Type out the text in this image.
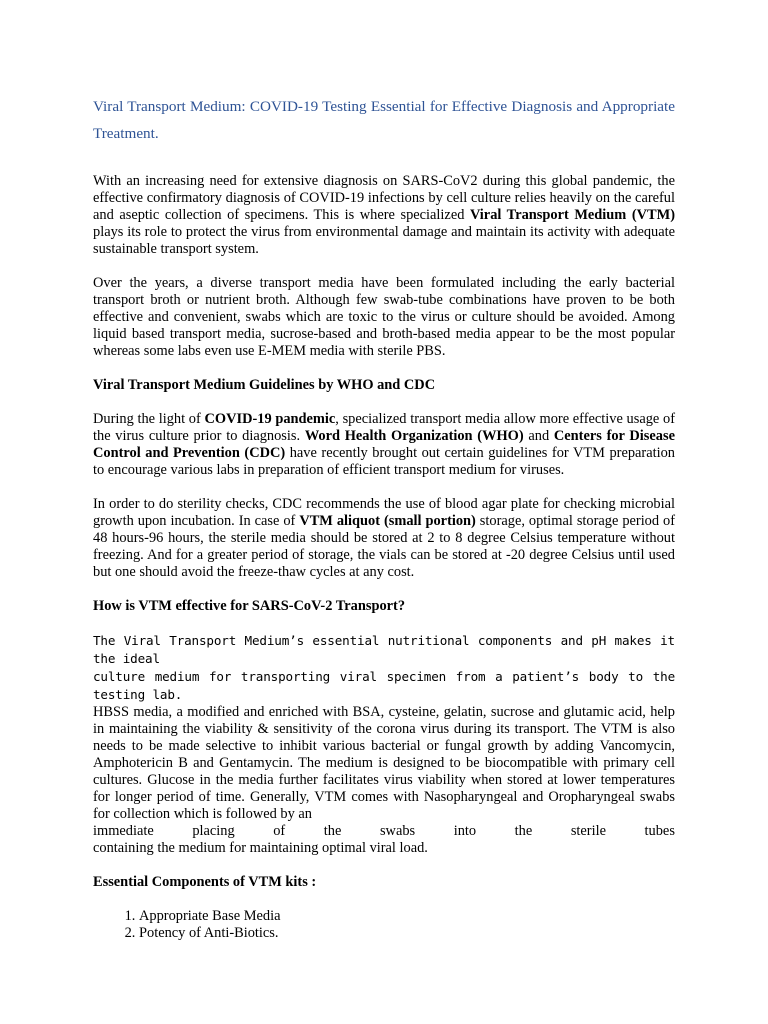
Viral Transport Medium: COVID-19 Testing Essential for Effective Diagnosis and Appropriate Treatment.

With an increasing need for extensive diagnosis on SARS-CoV2 during this global pandemic, the effective confirmatory diagnosis of COVID-19 infections by cell culture relies heavily on the careful and aseptic collection of specimens. This is where specialized Viral Transport Medium (VTM) plays its role to protect the virus from environmental damage and maintain its activity with adequate sustainable transport system.

Over the years, a diverse transport media have been formulated including the early bacterial transport broth or nutrient broth. Although few swab-tube combinations have proven to be both effective and convenient, swabs which are toxic to the virus or culture should be avoided. Among liquid based transport media, sucrose-based and broth-based media appear to be the most popular whereas some labs even use E-MEM media with sterile PBS.

Viral Transport Medium Guidelines by WHO and CDC

During the light of COVID-19 pandemic, specialized transport media allow more effective usage of the virus culture prior to diagnosis. Word Health Organization (WHO) and Centers for Disease Control and Prevention (CDC) have recently brought out certain guidelines for VTM preparation to encourage various labs in preparation of efficient transport medium for viruses.

In order to do sterility checks, CDC recommends the use of blood agar plate for checking microbial growth upon incubation. In case of VTM aliquot (small portion) storage, optimal storage period of 48 hours-96 hours, the sterile media should be stored at 2 to 8 degree Celsius temperature without freezing. And for a greater period of storage, the vials can be stored at -20 degree Celsius until used but one should avoid the freeze-thaw cycles at any cost.

How is VTM effective for SARS-CoV-2 Transport?

The Viral Transport Medium’s essential nutritional components and pH makes it the ideal
culture medium for transporting viral specimen from a patient’s body to the testing lab.
HBSS media, a modified and enriched with BSA, cysteine, gelatin, sucrose and glutamic acid, help in maintaining the viability & sensitivity of the corona virus during its transport. The VTM is also needs to be made selective to inhibit various bacterial or fungal growth by adding Vancomycin, Amphotericin B and Gentamycin. The medium is designed to be biocompatible with primary cell cultures. Glucose in the media further facilitates virus viability when stored at lower temperatures for longer period of time. Generally, VTM comes with Nasopharyngeal and Oropharyngeal swabs for collection which is followed by an
immediate	placing	of	the	swabs	into	the	sterile	tubes
containing the medium for maintaining optimal viral load.

Essential Components of VTM kits :

1. Appropriate Base Media
2. Potency of Anti-Biotics.
